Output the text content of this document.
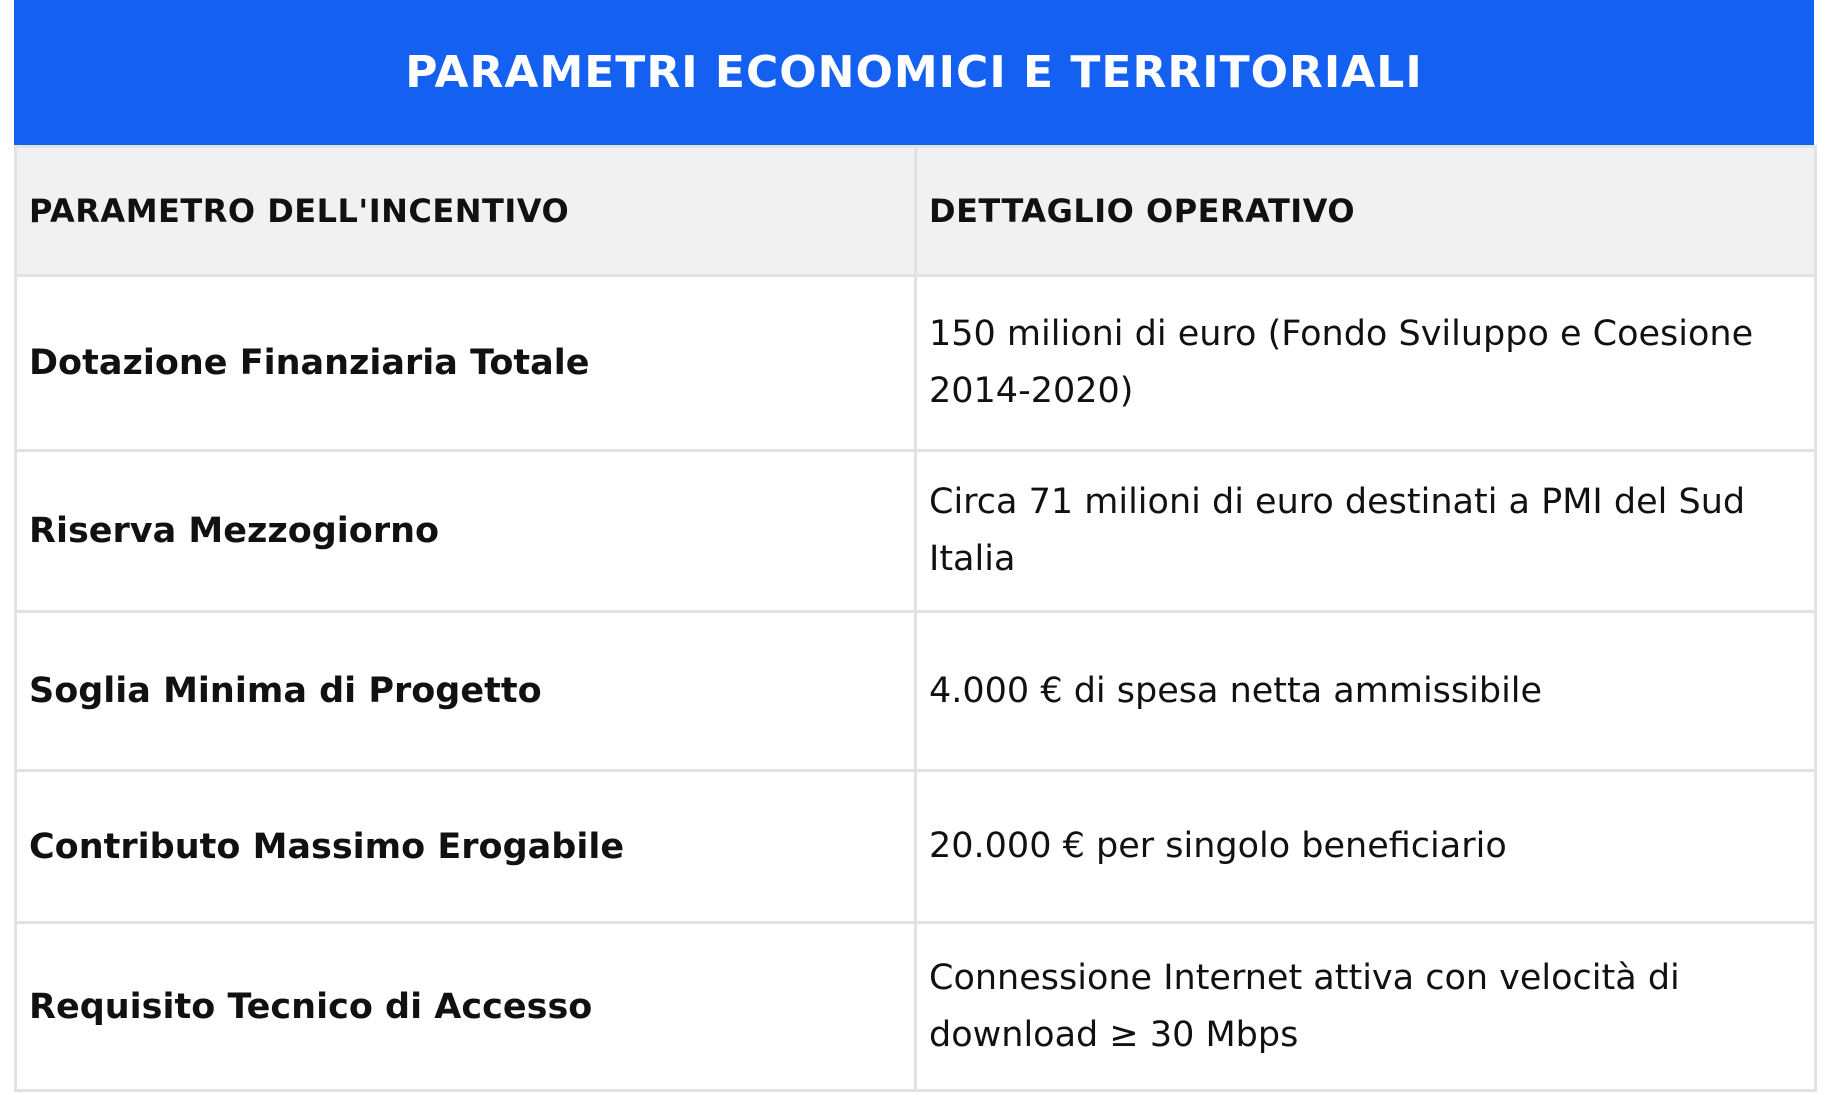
PARAMETRI ECONOMICI E TERRITORIALI
PARAMETRO DELL'INCENTIVO	DETTAGLIO OPERATIVO
Dotazione Finanziaria Totale	150 milioni di euro (Fondo Sviluppo e Coesione 2014-2020)
Riserva Mezzogiorno	Circa 71 milioni di euro destinati a PMI del Sud Italia
Soglia Minima di Progetto	4.000 € di spesa netta ammissibile
Contributo Massimo Erogabile	20.000 € per singolo beneficiario
Requisito Tecnico di Accesso	Connessione Internet attiva con velocità di download ≥ 30 Mbps
